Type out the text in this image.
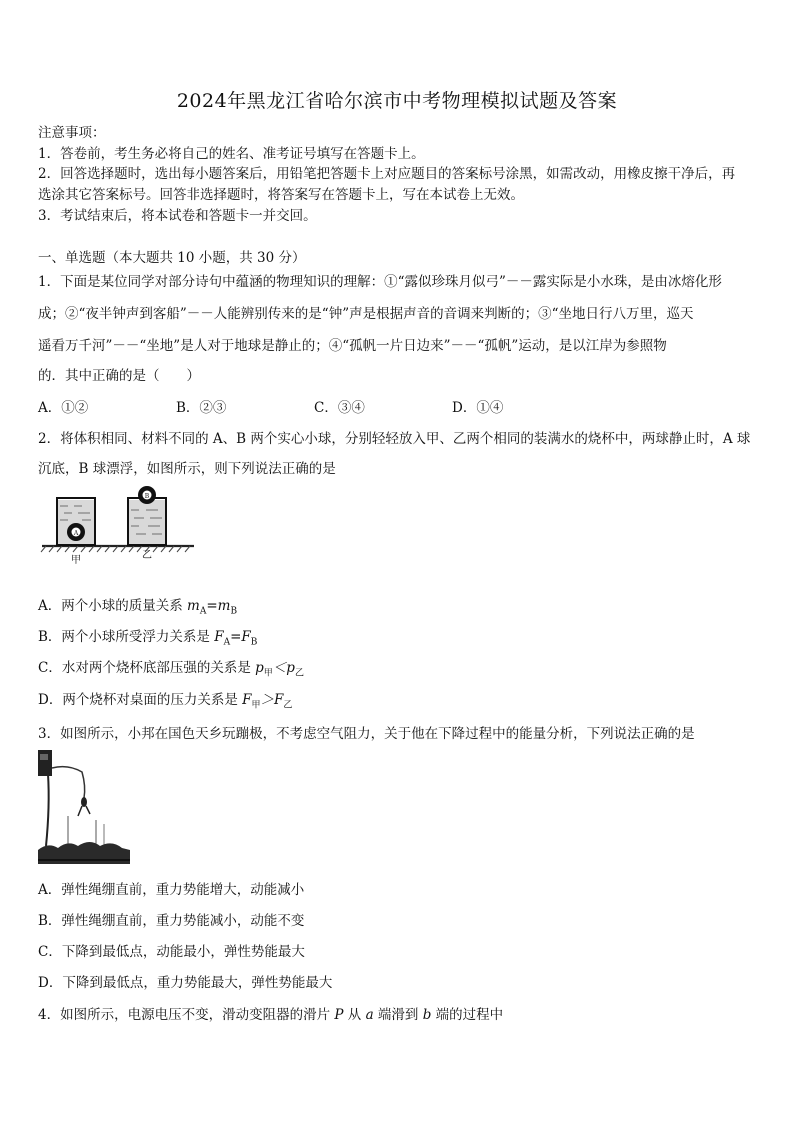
2024年黑龙江省哈尔滨市中考物理模拟试题及答案
注意事项：
1．答卷前，考生务必将自己的姓名、准考证号填写在答题卡上。
2．回答选择题时，选出每小题答案后，用铅笔把答题卡上对应题目的答案标号涂黑，如需改动，用橡皮擦干净后，再
选涂其它答案标号。回答非选择题时，将答案写在答题卡上，写在本试卷上无效。
3．考试结束后，将本试卷和答题卡一并交回。
一、单选题（本大题共 10 小题，共 30 分）
1．下面是某位同学对部分诗句中蕴涵的物理知识的理解：①“露似珍珠月似弓”－－露实际是小水珠，是由冰熔化形
成；②“夜半钟声到客船”－－人能辨别传来的是“钟”声是根据声音的音调来判断的；③“坐地日行八万里，巡天
遥看万千河”－－“坐地”是人对于地球是静止的；④“孤帆一片日边来”－－“孤帆”运动，是以江岸为参照物
的．其中正确的是（　　）
A．①②	B．②③	C．③④	D．①④
2．将体积相同、材料不同的 A、B 两个实心小球，分别轻轻放入甲、乙两个相同的装满水的烧杯中，两球静止时，A 球
沉底，B 球漂浮，如图所示，则下列说法正确的是
A
B
甲	乙
A．两个小球的质量关系 $m_A=m_B$
B．两个小球所受浮力关系是 $F_A=F_B$
C．水对两个烧杯底部压强的关系是 $p_甲<p_乙$
D．两个烧杯对桌面的压力关系是 $F_甲>F_乙$
3．如图所示，小邦在国色天乡玩蹦极，不考虑空气阻力，关于他在下降过程中的能量分析，下列说法正确的是
A．弹性绳绷直前，重力势能增大，动能减小
B．弹性绳绷直前，重力势能减小，动能不变
C．下降到最低点，动能最小，弹性势能最大
D．下降到最低点，重力势能最大，弹性势能最大
4．如图所示，电源电压不变，滑动变阻器的滑片 P 从 a 端滑到 b 端的过程中
